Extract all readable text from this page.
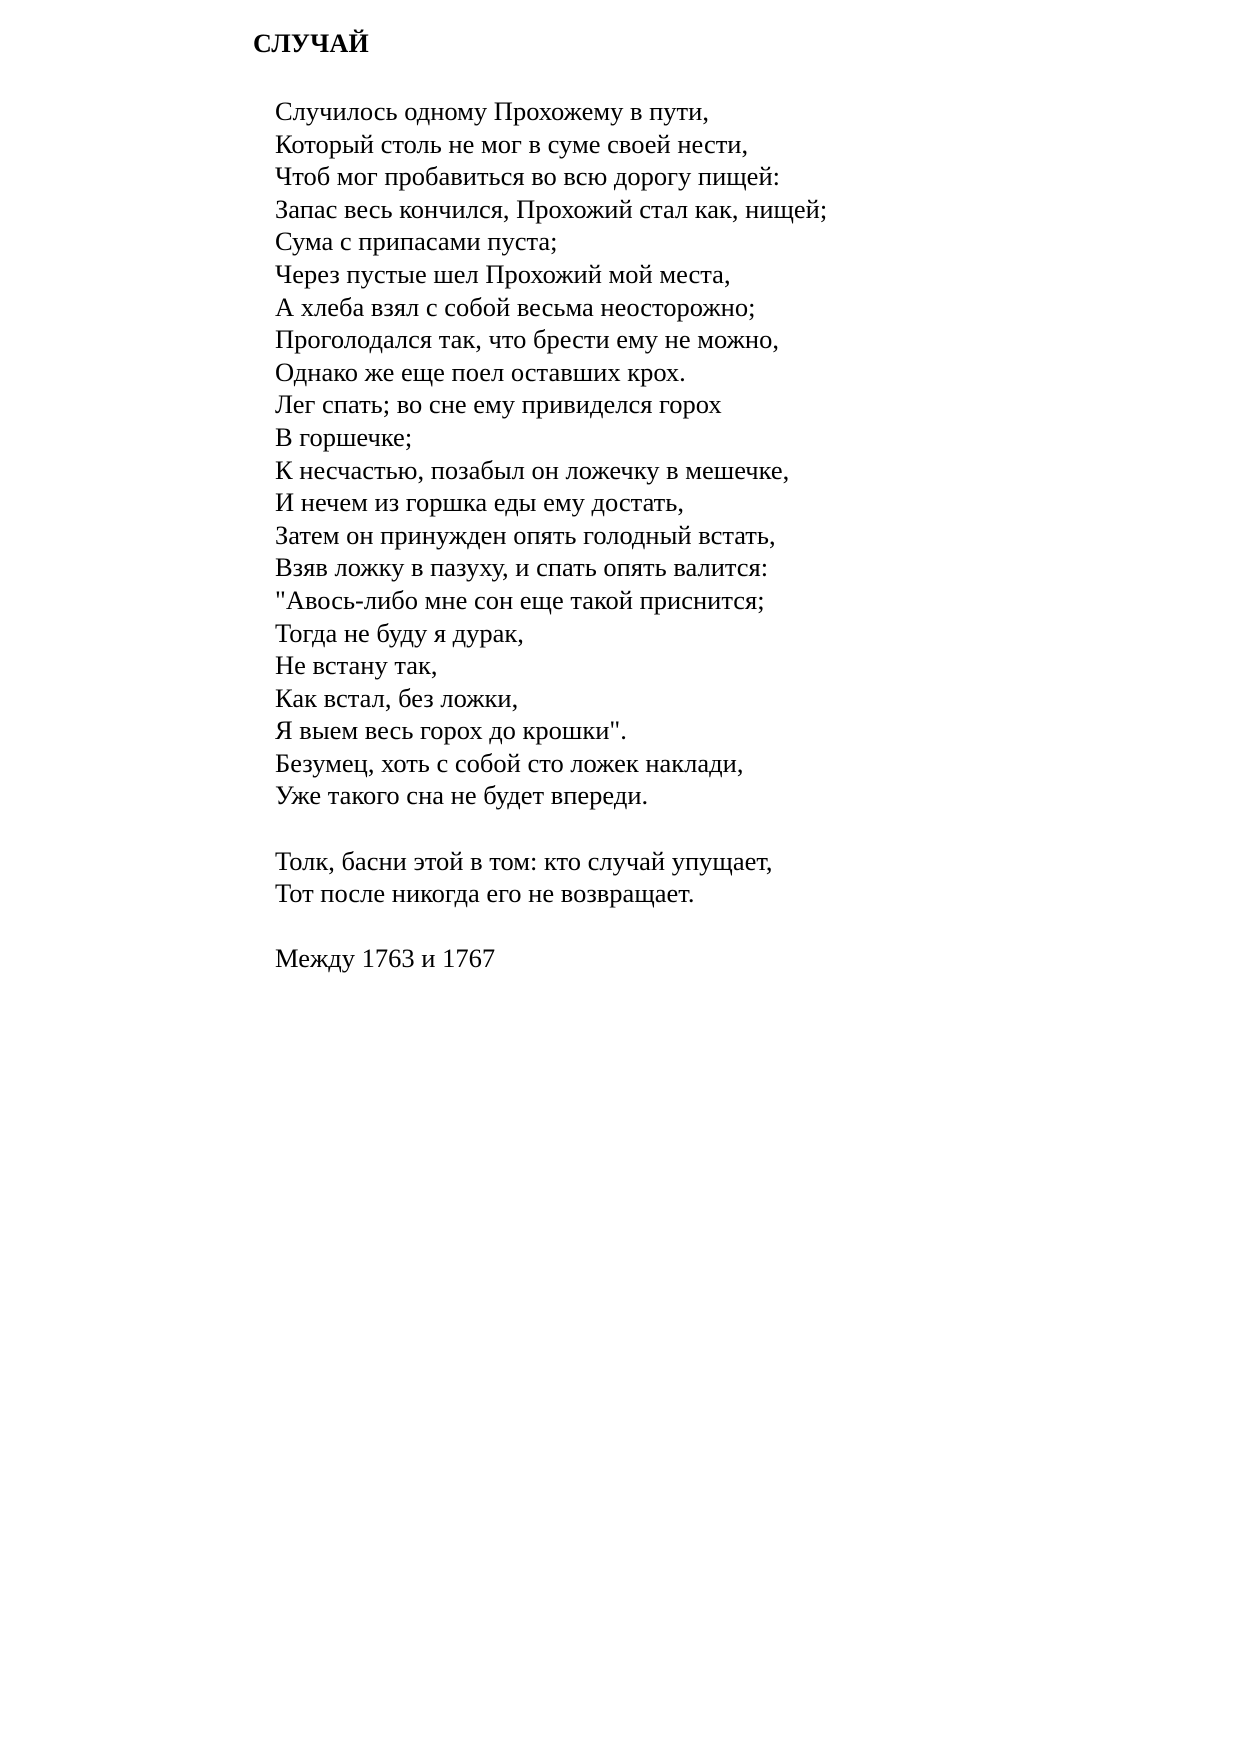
СЛУЧАЙ
Случилось одному Прохожему в пути,
Который столь не мог в суме своей нести,
Чтоб мог пробавиться во всю дорогу пищей:
Запас весь кончился, Прохожий стал как, нищей;
Сума с припасами пуста;
Через пустые шел Прохожий мой места,
А хлеба взял с собой весьма неосторожно;
Проголодался так, что брести ему не можно,
Однако же еще поел оставших крох.
Лег спать; во сне ему привиделся горох
В горшечке;
К несчастью, позабыл он ложечку в мешечке,
И нечем из горшка еды ему достать,
Затем он принужден опять голодный встать,
Взяв ложку в пазуху, и спать опять валится:
"Авось-либо мне сон еще такой приснится;
Тогда не буду я дурак,
Не встану так,
Как встал, без ложки,
Я выем весь горох до крошки".
Безумец, хоть с собой сто ложек наклади,
Уже такого сна не будет впереди.
Толк, басни этой в том: кто случай упущает,
Тот после никогда его не возвращает.
Между 1763 и 1767
